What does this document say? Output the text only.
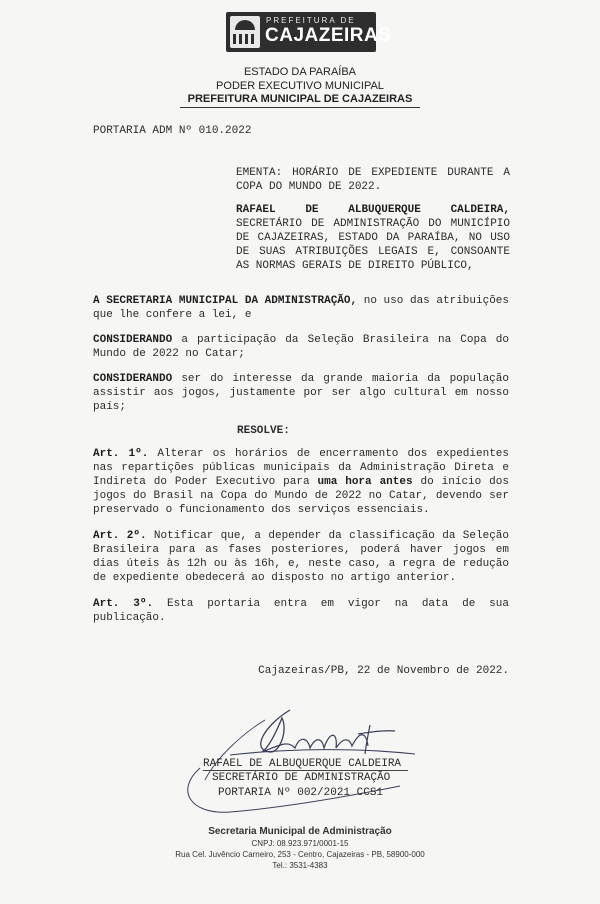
PREFEITURA DE
CAJAZEIRAS
ESTADO DA PARAÍBA
PODER EXECUTIVO MUNICIPAL
PREFEITURA MUNICIPAL DE CAJAZEIRAS
PORTARIA ADM Nº 010.2022
EMENTA: HORÁRIO DE EXPEDIENTE DURANTE A COPA DO MUNDO DE 2022.
RAFAEL DE ALBUQUERQUE CALDEIRA, SECRETÁRIO DE ADMINISTRAÇÃO DO MUNICÍPIO DE CAJAZEIRAS, ESTADO DA PARAÍBA, NO USO DE SUAS ATRIBUIÇÕES LEGAIS E, CONSOANTE AS NORMAS GERAIS DE DIREITO PÚBLICO,
A SECRETARIA MUNICIPAL DA ADMINISTRAÇÃO, no uso das atribuições que lhe confere a lei, e
CONSIDERANDO a participação da Seleção Brasileira na Copa do Mundo de 2022 no Catar;
CONSIDERANDO ser do interesse da grande maioria da população assistir aos jogos, justamente por ser algo cultural em nosso país;
RESOLVE:
Art. 1º. Alterar os horários de encerramento dos expedientes nas repartições públicas municipais da Administração Direta e Indireta do Poder Executivo para uma hora antes do início dos jogos do Brasil na Copa do Mundo de 2022 no Catar, devendo ser preservado o funcionamento dos serviços essenciais.
Art. 2º. Notificar que, a depender da classificação da Seleção Brasileira para as fases posteriores, poderá haver jogos em dias úteis às 12h ou às 16h, e, neste caso, a regra de redução de expediente obedecerá ao disposto no artigo anterior.
Art. 3º. Esta portaria entra em vigor na data de sua publicação.
Cajazeiras/PB, 22 de Novembro de 2022.
RAFAEL DE ALBUQUERQUE CALDEIRA
SECRETÁRIO DE ADMINISTRAÇÃO
PORTARIA Nº 002/2021 CCS1
Secretaria Municipal de Administração
CNPJ: 08.923.971/0001-15
Rua Cel. Juvêncio Carneiro, 253 - Centro, Cajazeiras - PB, 58900-000
Tel.: 3531-4383
